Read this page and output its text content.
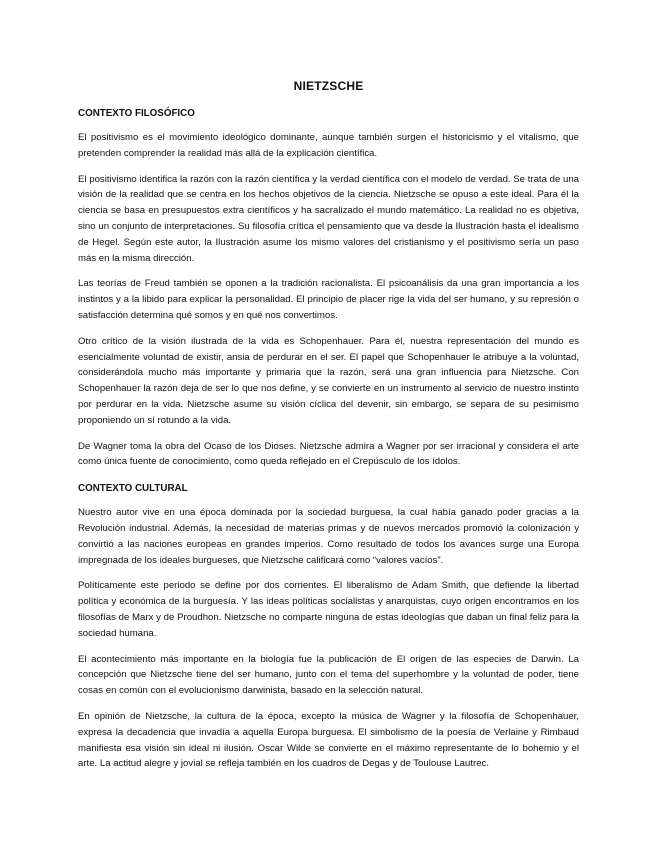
NIETZSCHE
CONTEXTO FILOSÓFICO

El positivismo es el movimiento ideológico dominante, aunque también surgen el historicismo y el vitalismo, que pretenden comprender la realidad más allá de la explicación científica.

El positivismo identifica la razón con la razón científica y la verdad científica con el modelo de verdad. Se trata de una visión de la realidad que se centra en los hechos objetivos de la ciencia. Nietzsche se opuso a este ideal. Para él la ciencia se basa en presupuestos extra científicos y ha sacralizado el mundo matemático. La realidad no es objetiva, sino un conjunto de interpretaciones. Su filosofía crítica el pensamiento que va desde la Ilustración hasta el idealismo de Hegel. Según este autor, la Ilustración asume los mismo valores del cristianismo y el positivismo sería un paso más en la misma dirección.

Las teorías de Freud también se oponen a la tradición racionalista. El psicoanálisis da una gran importancia a los instintos y a la libido para explicar la personalidad. El principio de placer rige la vida del ser humano, y su represión o satisfacción determina qué somos y en qué nos convertimos.

Otro crítico de la visión ilustrada de la vida es Schopenhauer. Para él, nuestra representación del mundo es esencialmente voluntad de existir, ansia de perdurar en el ser. El papel que Schopenhauer le atribuye a la voluntad, considerándola mucho más importante y primaria que la razón, será una gran influencia para Nietzsche. Con Schopenhauer la razón deja de ser lo que nos define, y se convierte en un instrumento al servicio de nuestro instinto por perdurar en la vida. Nietzsche asume su visión cíclica del devenir, sin embargo, se separa de su pesimismo proponiendo un sí rotundo a la vida.

De Wagner toma la obra del Ocaso de los Dioses. Nietzsche admira a Wagner por ser irracional y considera el arte como única fuente de conocimiento, como queda reflejado en el Crepúsculo de los ídolos.

CONTEXTO CULTURAL

Nuestro autor vive en una época dominada por la sociedad burguesa, la cual había ganado poder gracias a la Revolución industrial. Además, la necesidad de materias primas y de nuevos mercados promovió la colonización y convirtió a las naciones europeas en grandes imperios. Como resultado de todos los avances surge una Europa impregnada de los ideales burgueses, que Nietzsche calificará como “valores vacíos”.

Políticamente este periodo se define por dos corrientes. El liberalismo de Adam Smith, que defiende la libertad política y económica de la burguesía. Y las ideas políticas socialistas y anarquistas, cuyo origen encontramos en los filosofías de Marx y de Proudhon. Nietzsche no comparte ninguna de estas ideologías que daban un final feliz para la sociedad humana.

El acontecimiento más importante en la biología fue la publicación de El origen de las especies de Darwin. La concepción que Nietzsche tiene del ser humano, junto con el tema del superhombre y la voluntad de poder, tiene cosas en común con el evolucionismo darwinista, basado en la selección natural.

En opinión de Nietzsche, la cultura de la época, excepto la música de Wagner y la filosofía de Schopenhauer, expresa la decadencia que invadía a aquella Europa burguesa. El simbolismo de la poesía de Verlaine y Rimbaud manifiesta esa visión sin ideal ni ilusión. Oscar Wilde se convierte en el máximo representante de lo bohemio y el arte. La actitud alegre y jovial se refleja también en los cuadros de Degas y de Toulouse Lautrec.
